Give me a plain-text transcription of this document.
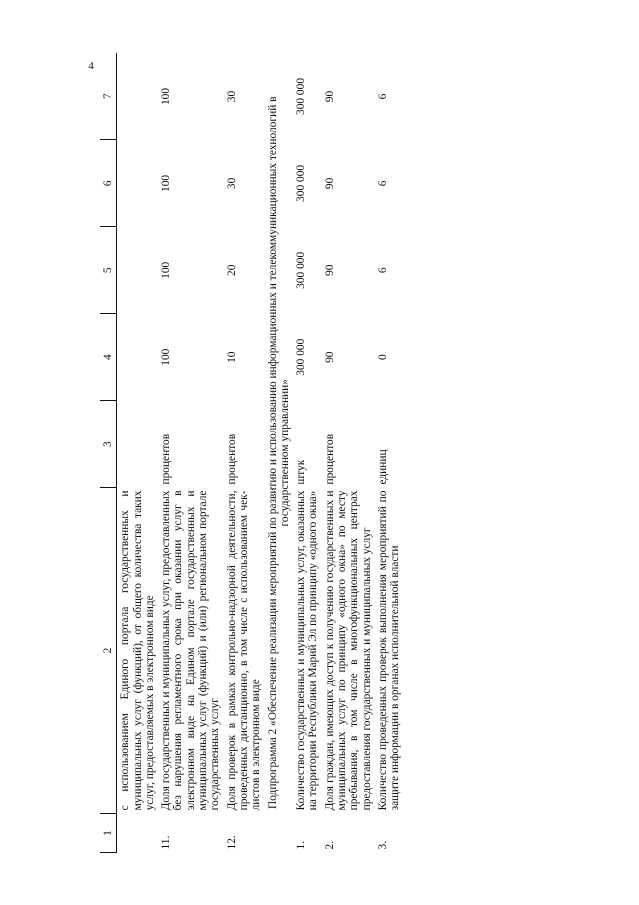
4
1	2	3	4	5	6	7
	с использованием Единого портала государственных и муниципальных услуг (функций), от общего количества таких услуг, предоставляемых в электронном виде					
11.	Доля государственных и муниципальных услуг, предоставленных без нарушения регламентного срока при оказании услуг в электронном виде на Едином портале государственных и муниципальных услуг (функций) и (или) региональном портале государственных услуг	процентов	100	100	100	100
12.	Доля проверок в рамках контрольно-надзорной деятельности, проведенных дистанционно, в том числе с использованием чек-листов в электронном виде	процентов	10	20	30	30
Подпрограмма 2 «Обеспечение реализации мероприятий по развитию и использованию информационных и телекоммуникационных технологий в государственном управлении»						
1.	Количество государственных и муниципальных услуг, оказанных на территории Республики Марий Эл по принципу «одного окна»	штук	300 000	300 000	300 000	300 000
2.	Доля граждан, имеющих доступ к получению государственных и муниципальных услуг по принципу «одного окна» по месту пребывания, в том числе в многофункциональных центрах предоставления государственных и муниципальных услуг	процентов	90	90	90	90
3.	Количество проведенных проверок выполнения мероприятий по защите информации в органах исполнительной власти	единиц	0	6	6	6
